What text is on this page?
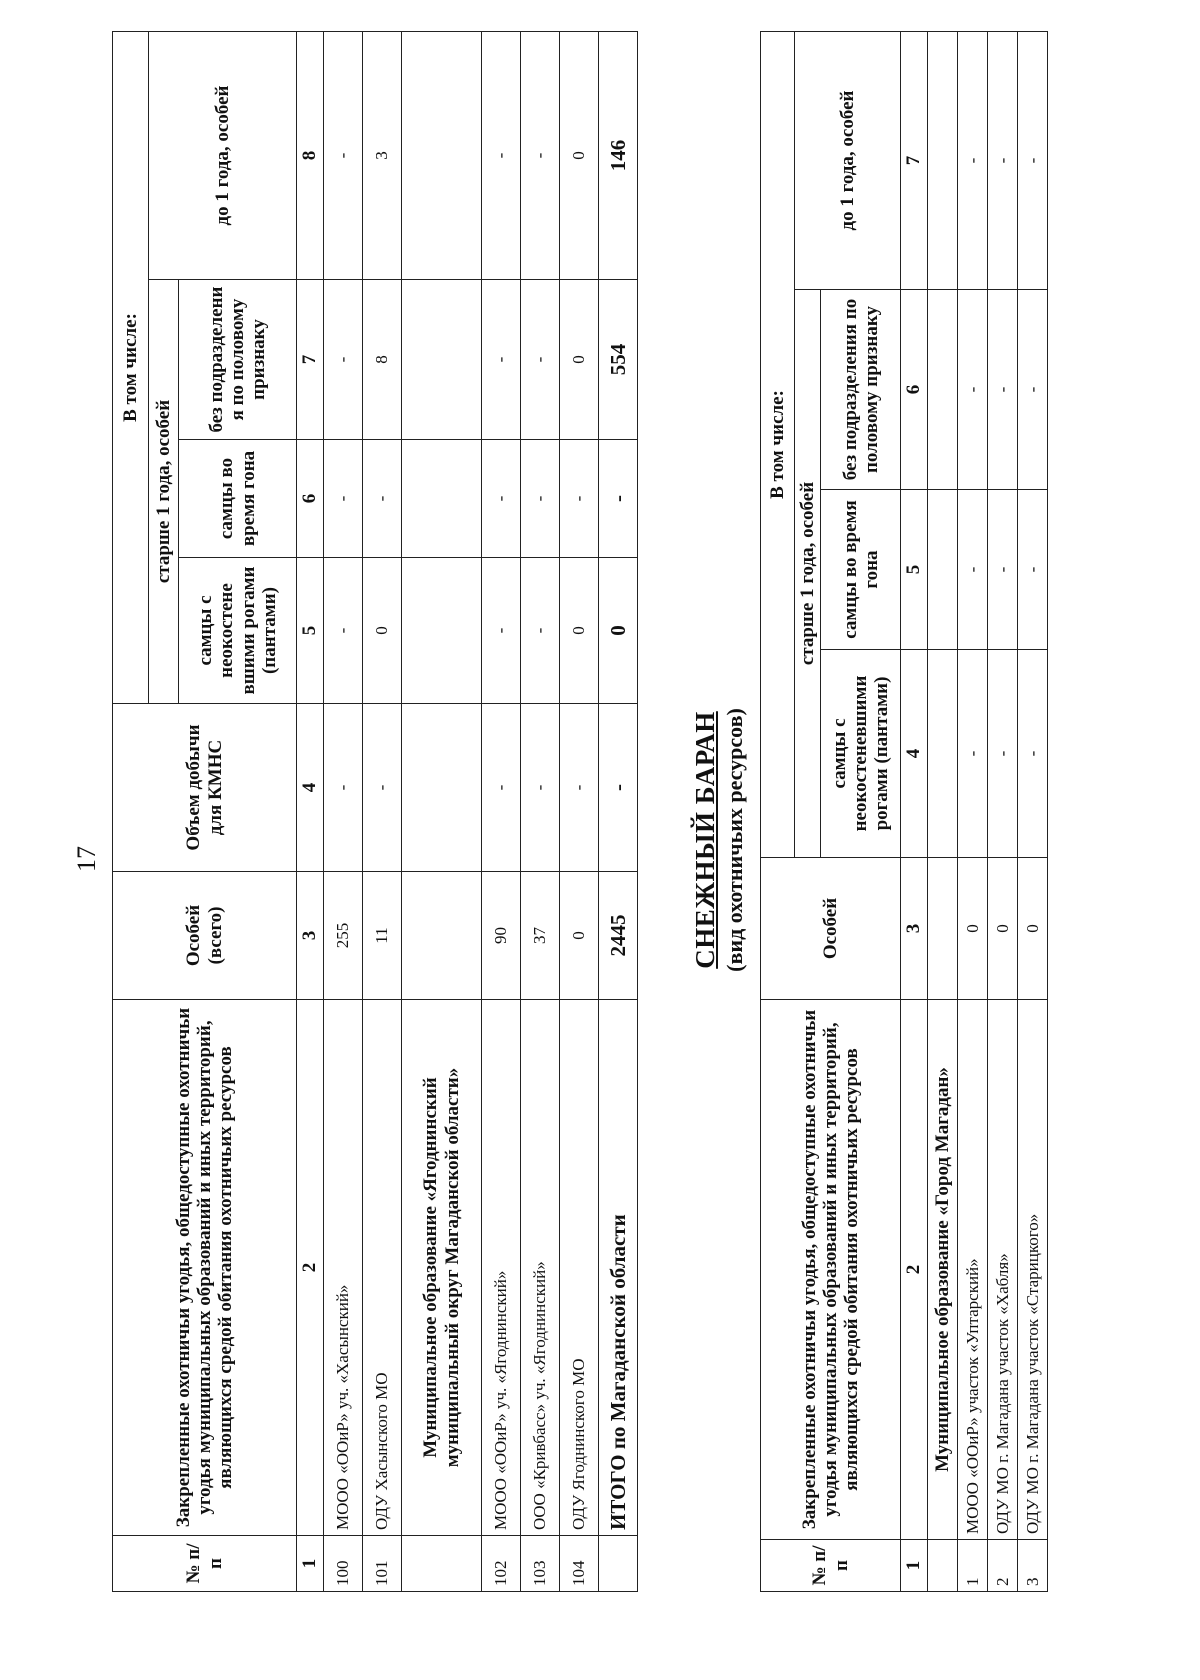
17
№ п/п	Закрепленные охотничьи угодья, общедоступные охотничьи угодья муниципальных образований и иных территорий, являющихся средой обитания охотничьих ресурсов	Особей (всего)	Объем добычи для КМНС	В том числе:			
				старше 1 года, особей			до 1 года, особей
				самцы с неокостене вшими рогами (пантами)	самцы во время гона	без подразделени я по половому признаку	
1	2	3	4	5	6	7	8
100	МООО «ООиР» уч. «Хасынский»	255	-	-	-	-	-
101	ОДУ Хасынского МО	11	-	0	-	8	3
	Муниципальное образование «Ягоднинский муниципальный округ Магаданской области»						
102	МООО «ООиР» уч. «Ягоднинский»	90	-	-	-	-	-
103	ООО «Кривбасс» уч. «Ягоднинский»	37	-	-	-	-	-
104	ОДУ Ягоднинского МО	0	-	0	-	0	0
	ИТОГО по Магаданской области	2445	-	0	-	554	146
СНЕЖНЫЙ БАРАН (вид охотничьих ресурсов)
№ п/п	Закрепленные охотничьи угодья, общедоступные охотничьи угодья муниципальных образований и иных территорий, являющихся средой обитания охотничьих ресурсов	Особей	В том числе:			
			старше 1 года, особей			до 1 года, особей
			самцы с неокостеневшими рогами (пантами)	самцы во время гона	без подразделения по половому признаку	
1	2	3	4	5	6	7
	Муниципальное образование «Город Магадан»					
1	МООО «ООиР» участок «Уптарский»	0	-	-	-	-
2	ОДУ МО г. Магадана участок «Хабля»	0	-	-	-	-
3	ОДУ МО г. Магадана участок «Старицкого»	0	-	-	-	-
